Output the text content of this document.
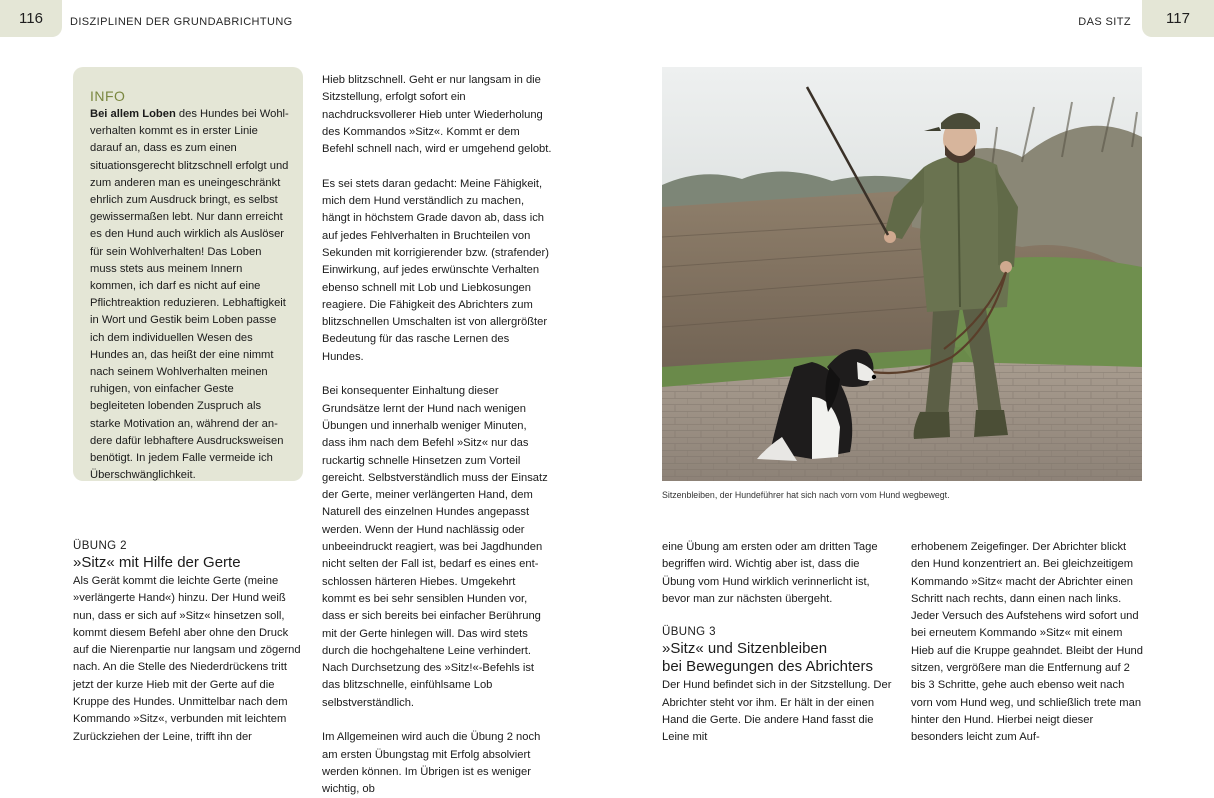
116	DISZIPLINEN DER GRUNDABRICHTUNG	DAS SITZ	117
INFO

Bei allem Loben des Hundes bei Wohlverhalten kommt es in erster Linie darauf an, dass es zum einen situationsgerecht blitzschnell erfolgt und zum anderen man es uneingeschränkt ehrlich zum Ausdruck bringt, es selbst gewissermaßen lebt. Nur dann erreicht es den Hund auch wirklich als Auslöser für sein Wohlverhalten! Das Loben muss stets aus meinem Innern kommen, ich darf es nicht auf eine Pflichtreaktion reduzieren. Lebhaftigkeit in Wort und Gestik beim Loben passe ich dem individuellen Wesen des Hundes an, das heißt der eine nimmt nach seinem Wohlverhalten meinen ruhigen, von einfacher Geste begleiteten lobenden Zuspruch als starke Motivation an, während der andere dafür lebhaftere Ausdrucksweisen benötigt. In jedem Falle vermeide ich Überschwänglichkeit.

ÜBUNG 2
»Sitz« mit Hilfe der Gerte

Als Gerät kommt die leichte Gerte (meine »verlängerte Hand«) hinzu. Der Hund weiß nun, dass er sich auf »Sitz« hinsetzen soll, kommt diesem Befehl aber ohne den Druck auf die Nierenpartie nur langsam und zögernd nach. An die Stelle des Niederdrückens tritt jetzt der kurze Hieb mit der Gerte auf die Kruppe des Hundes. Unmittelbar nach dem Kommando »Sitz«, verbunden mit leichtem Zurückziehen der Leine, trifft ihn der

Hieb blitzschnell. Geht er nur langsam in die Sitzstellung, erfolgt sofort ein nachdrucksvollerer Hieb unter Wiederholung des Kommandos »Sitz«. Kommt er dem Befehl schnell nach, wird er umgehend gelobt.

Es sei stets daran gedacht: Meine Fähigkeit, mich dem Hund verständlich zu machen, hängt in höchstem Grade davon ab, dass ich auf jedes Fehlverhalten in Bruchteilen von Sekunden mit korrigierender bzw. (strafender) Einwirkung, auf jedes erwünschte Verhalten ebenso schnell mit Lob und Liebkosungen reagiere. Die Fähigkeit des Abrichters zum blitzschnellen Umschalten ist von allergrößter Bedeutung für das rasche Lernen des Hundes.

Bei konsequenter Einhaltung dieser Grundsätze lernt der Hund nach wenigen Übungen und innerhalb weniger Minuten, dass ihm nach dem Befehl »Sitz« nur das ruckartig schnelle Hinsetzen zum Vorteil gereicht. Selbstverständlich muss der Einsatz der Gerte, meiner verlängerten Hand, dem Naturell des einzelnen Hundes angepasst werden. Wenn der Hund nachlässig oder unbeeindruckt reagiert, was bei Jagdhunden nicht selten der Fall ist, bedarf es eines entschlossen härteren Hiebes. Umgekehrt kommt es bei sehr sensiblen Hunden vor, dass er sich bereits bei einfacher Berührung mit der Gerte hinlegen will. Das wird stets durch die hochgehaltene Leine verhindert. Nach Durchsetzung des »Sitz!«-Befehls ist das blitzschnelle, einfühlsame Lob selbstverständlich.

Im Allgemeinen wird auch die Übung 2 noch am ersten Übungstag mit Erfolg absolviert werden können. Im Übrigen ist es weniger wichtig, ob

Sitzenbleiben, der Hundeführer hat sich nach vorn vom Hund wegbewegt.

eine Übung am ersten oder am dritten Tage begriffen wird. Wichtig aber ist, dass die Übung vom Hund wirklich verinnerlicht ist, bevor man zur nächsten übergeht.

ÜBUNG 3
»Sitz« und Sitzenbleiben
bei Bewegungen des Abrichters

Der Hund befindet sich in der Sitzstellung. Der Abrichter steht vor ihm. Er hält in der einen Hand die Gerte. Die andere Hand fasst die Leine mit

erhobenem Zeigefinger. Der Abrichter blickt den Hund konzentriert an. Bei gleichzeitigem Kommando »Sitz« macht der Abrichter einen Schritt nach rechts, dann einen nach links. Jeder Versuch des Aufstehens wird sofort und bei erneutem Kommando »Sitz« mit einem Hieb auf die Kruppe geahndet. Bleibt der Hund sitzen, vergrößere man die Entfernung auf 2 bis 3 Schritte, gehe auch ebenso weit nach vorn vom Hund weg, und schließlich trete man hinter den Hund. Hierbei neigt dieser besonders leicht zum Auf-
